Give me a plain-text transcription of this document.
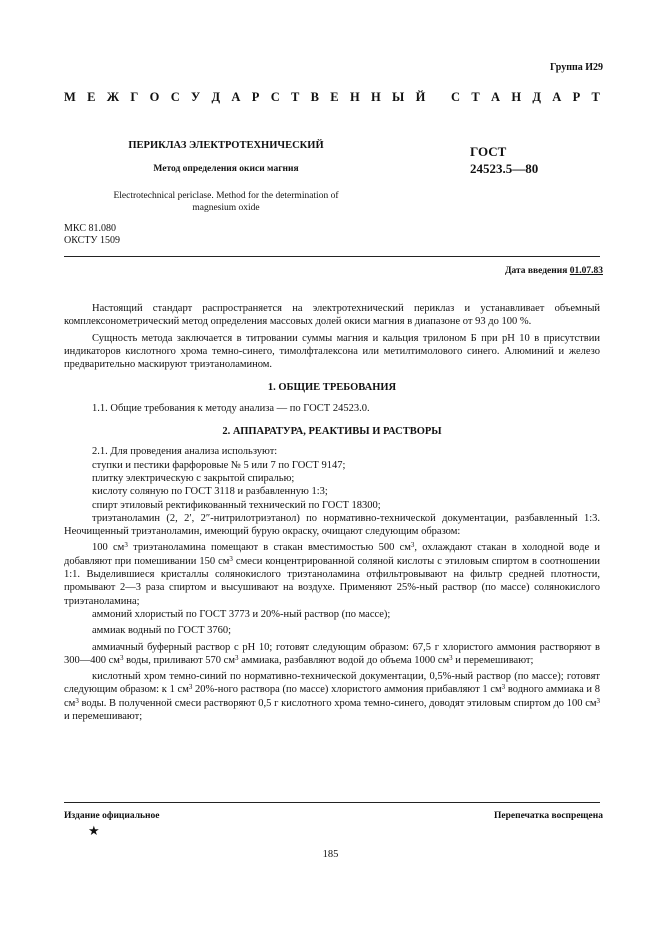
Группа И29
М Е Ж Г О С У Д А Р С Т В Е Н Н Ы Й
С Т А Н Д А Р Т
ПЕРИКЛАЗ ЭЛЕКТРОТЕХНИЧЕСКИЙ
Метод определения окиси магния
Electrotechnical periclase. Method for the determination of magnesium oxide
ГОСТ
24523.5—80
МКС 81.080
ОКСТУ 1509
Дата введения 01.07.83

Настоящий стандарт распространяется на электротехнический периклаз и устанавливает объемный комплексонометрический метод определения массовых долей окиси магния в диапазоне от 93 до 100 %.

Сущность метода заключается в титровании суммы магния и кальция трилоном Б при рН 10 в присутствии индикаторов кислотного хрома темно-синего, тимолфталексона или метилтимолового синего. Алюминий и железо предварительно маскируют триэтаноламином.

1. ОБЩИЕ ТРЕБОВАНИЯ

1.1. Общие требования к методу анализа — по ГОСТ 24523.0.

2. АППАРАТУРА, РЕАКТИВЫ И РАСТВОРЫ

2.1. Для проведения анализа используют:

ступки и пестики фарфоровые № 5 или 7 по ГОСТ 9147;

плитку электрическую с закрытой спиралью;

кислоту соляную по ГОСТ 3118 и разбавленную 1:3;

спирт этиловый ректификованный технический по ГОСТ 18300;

триэтаноламин (2, 2′, 2″-нитрилотриэтанол) по нормативно-технической документации, разбавленный 1:3. Неочищенный триэтаноламин, имеющий бурую окраску, очищают следующим образом:

100 $см^3$ триэтаноламина помещают в стакан вместимостью 500 $см^3$, охлаждают стакан в холодной воде и добавляют при помешивании 150 $см^3$ смеси концентрированной соляной кислоты с этиловым спиртом в соотношении 1:1. Выделившиеся кристаллы солянокислого триэтаноламина отфильтровывают на фильтр средней плотности, промывают 2—3 раза спиртом и высушивают на воздухе. Применяют 25%-ный раствор (по массе) солянокислого триэтаноламина;

аммоний хлористый по ГОСТ 3773 и 20%-ный раствор (по массе);

аммиак водный по ГОСТ 3760;

аммиачный буферный раствор с рН 10; готовят следующим образом: 67,5 г хлористого аммония растворяют в 300—400 $см^3$ воды, приливают 570 $см^3$ аммиака, разбавляют водой до объема 1000 $см^3$ и перемешивают;

кислотный хром темно-синий по нормативно-технической документации, 0,5%-ный раствор (по массе); готовят следующим образом: к 1 $см^3$ 20%-ного раствора (по массе) хлористого аммония прибавляют 1 $см^3$ водного аммиака и 8 $см^3$ воды. В полученной смеси растворяют 0,5 г кислотного хрома темно-синего, доводят этиловым спиртом до 100 $см^3$ и перемешивают;

Издание официальное
★
Перепечатка воспрещена
185
